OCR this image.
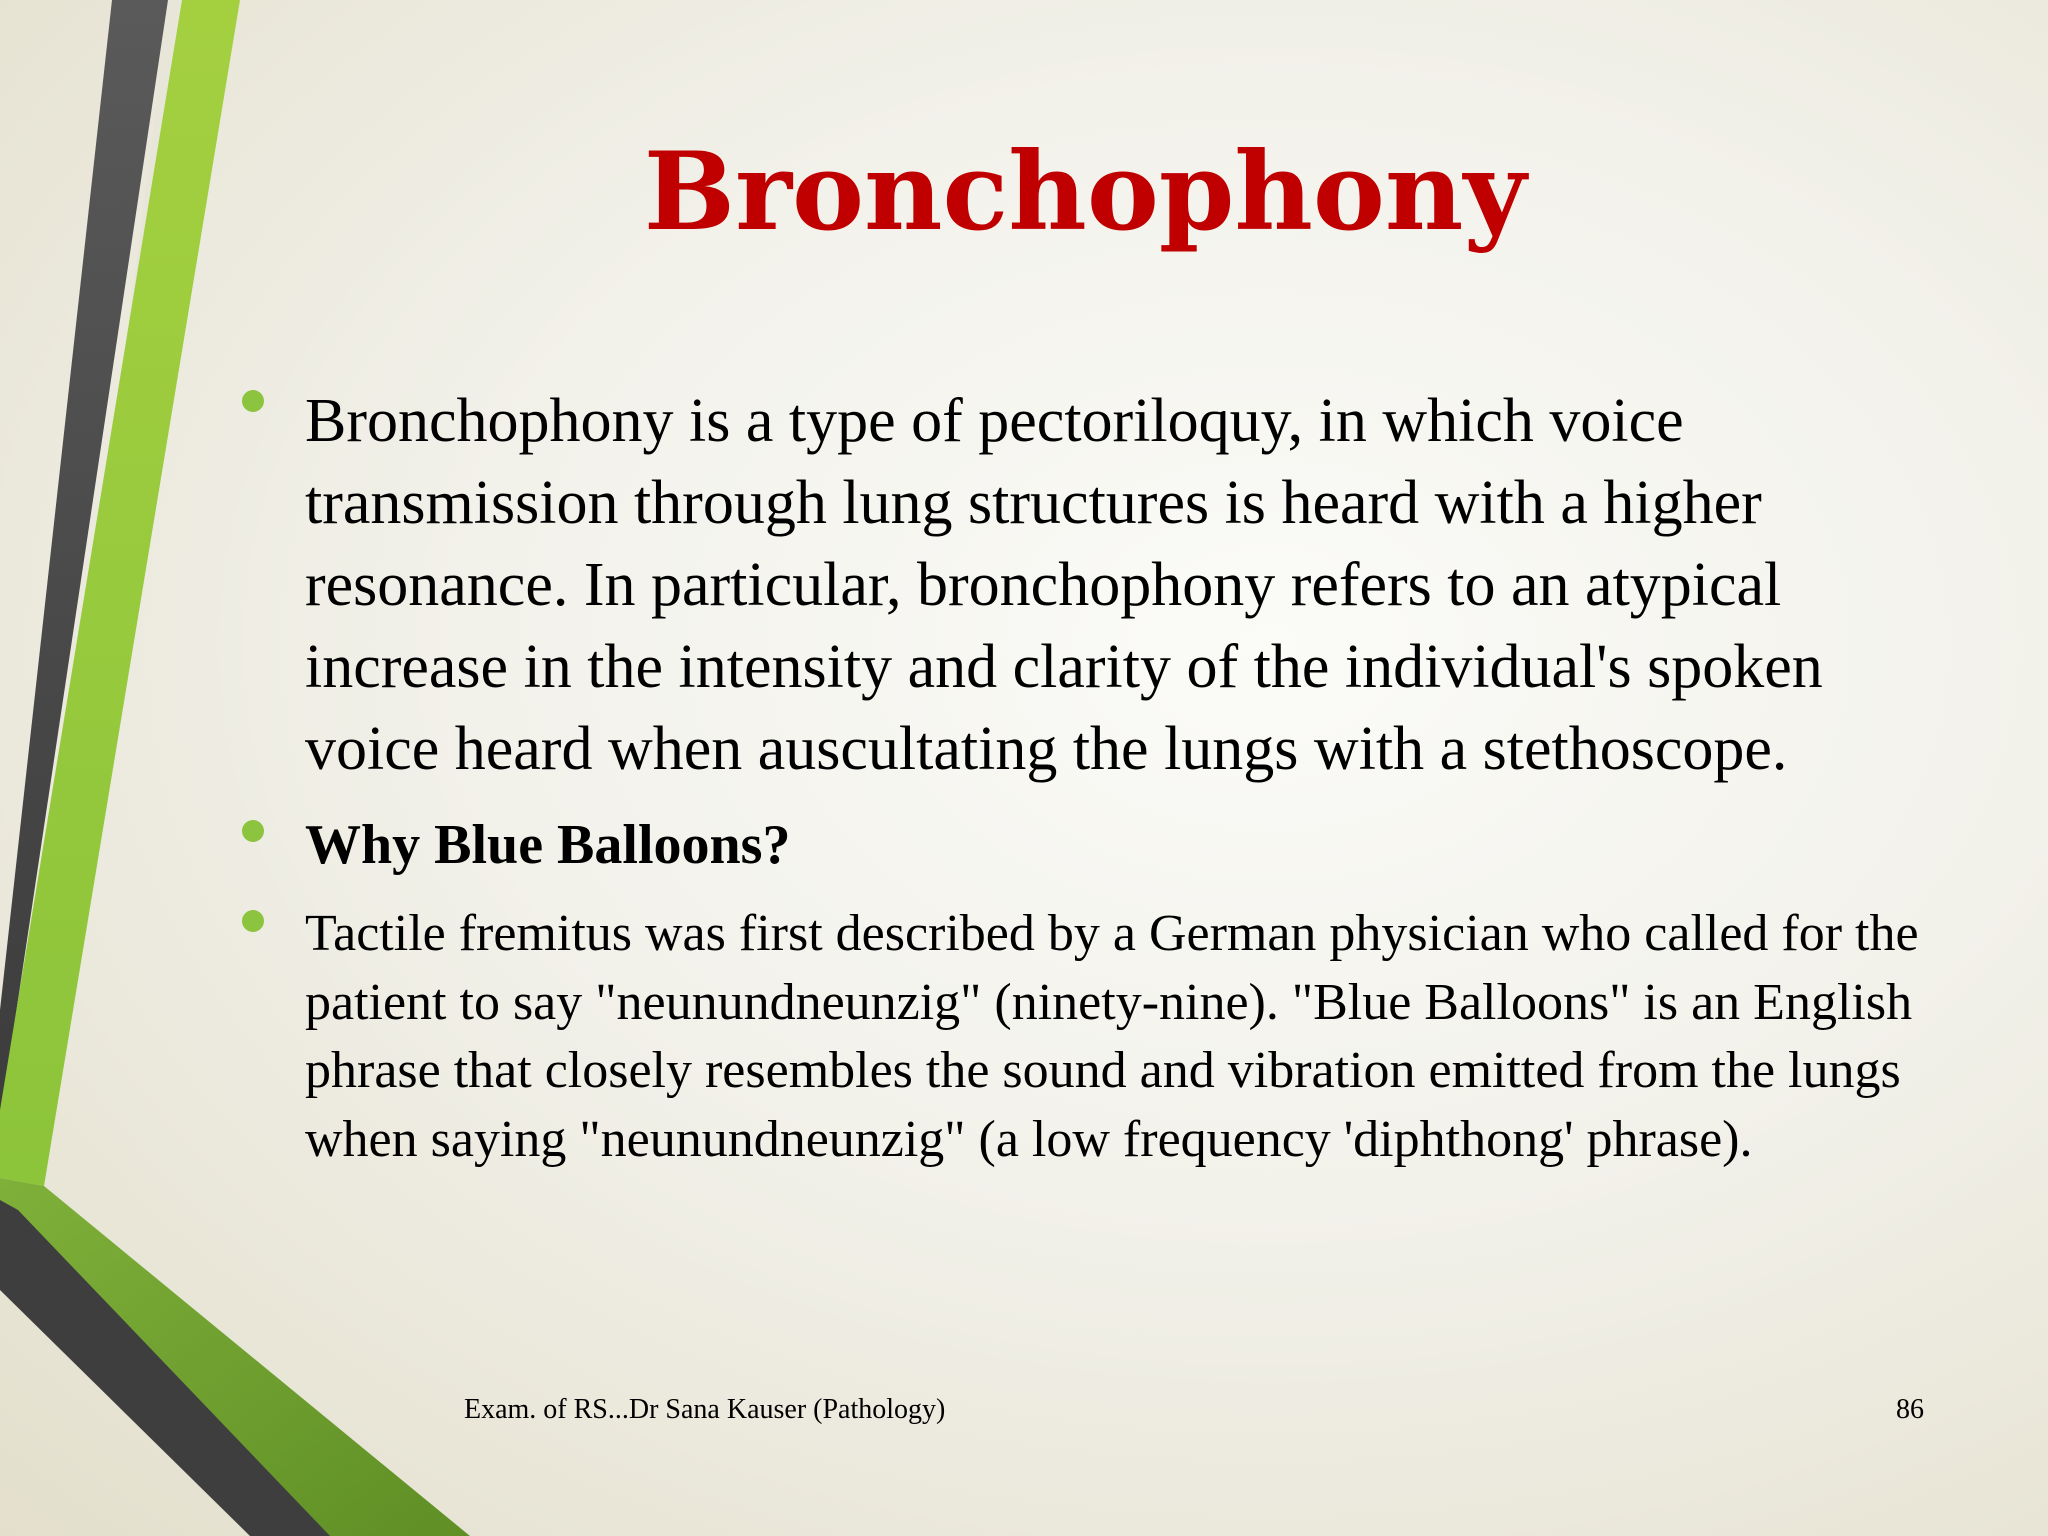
Bronchophony
Bronchophony is a type of pectoriloquy, in which voice transmission through lung structures is heard with a higher resonance. In particular, bronchophony refers to an atypical increase in the intensity and clarity of the individual's spoken voice heard when auscultating the lungs with a stethoscope.
Why Blue Balloons?
Tactile fremitus was first described by a German physician who called for the patient to say "neunundneunzig" (ninety-nine). "Blue Balloons" is an English phrase that closely resembles the sound and vibration emitted from the lungs when saying "neunundneunzig" (a low frequency 'diphthong' phrase).
Exam. of RS...Dr Sana Kauser (Pathology)	86
